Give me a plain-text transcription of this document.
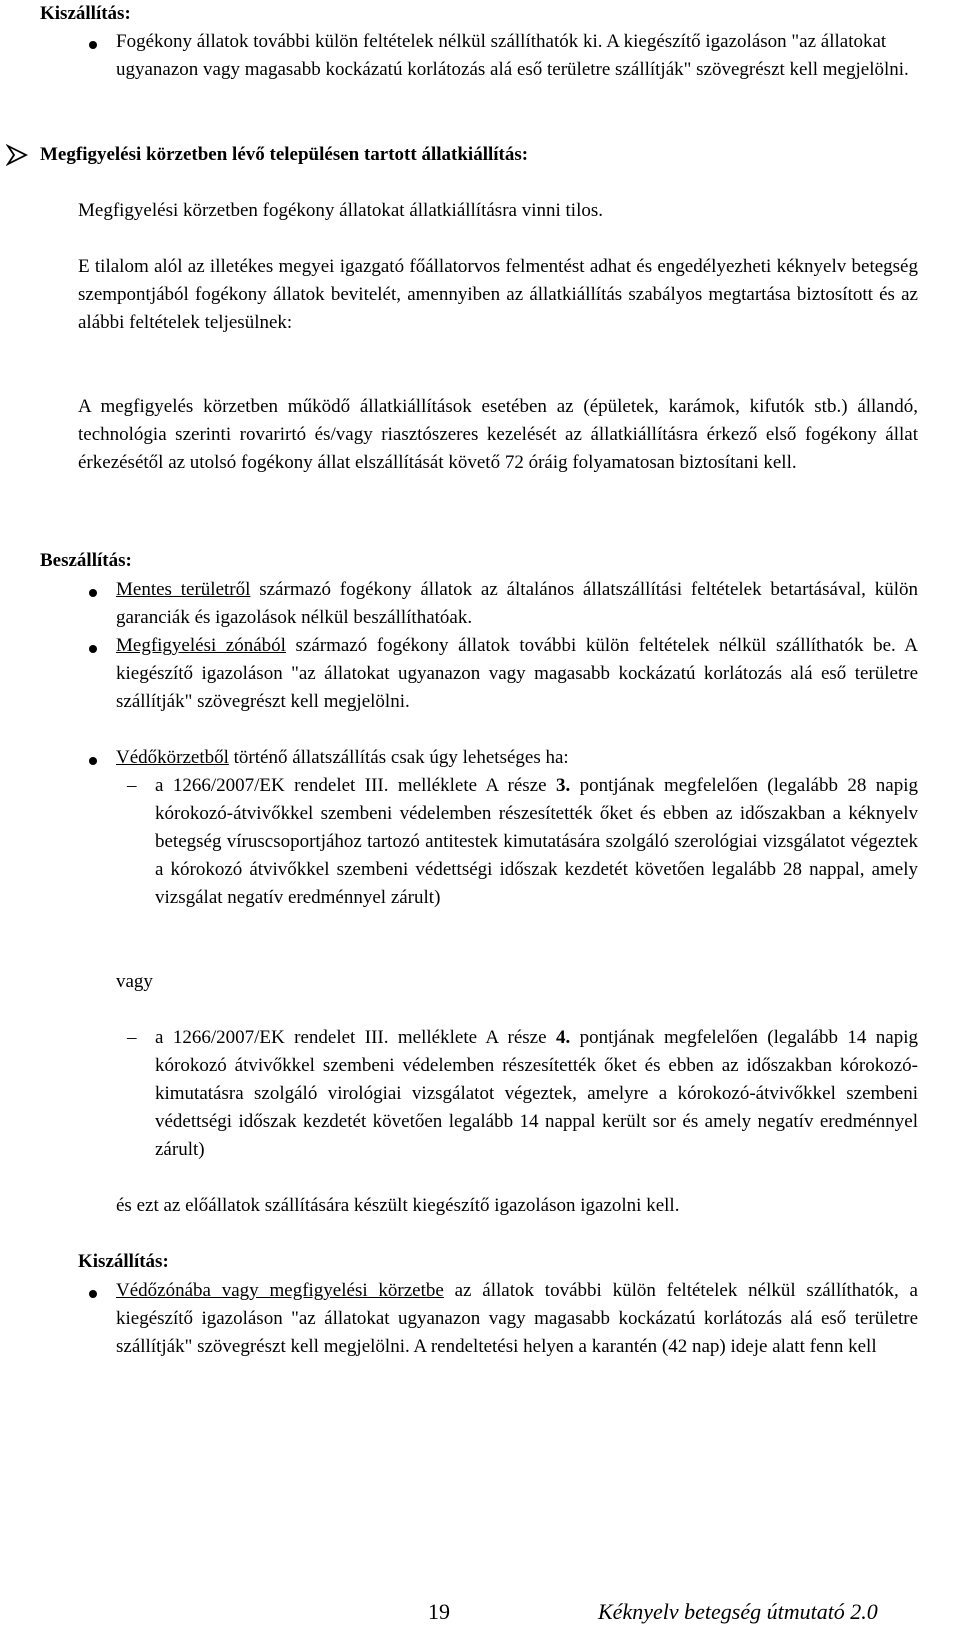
Kiszállítás:

Fogékony állatok további külön feltételek nélkül szállíthatók ki. A kiegészítő igazoláson "az állatokat ugyanazon vagy magasabb kockázatú korlátozás alá eső területre szállítják" szövegrészt kell megjelölni.

Megfigyelési körzetben lévő településen tartott állatkiállítás:

Megfigyelési körzetben fogékony állatokat állatkiállításra vinni tilos.

E tilalom alól az illetékes megyei igazgató főállatorvos felmentést adhat és engedélyezheti kéknyelv betegség szempontjából fogékony állatok bevitelét, amennyiben az állatkiállítás szabályos megtartása biztosított és az alábbi feltételek teljesülnek:

A megfigyelés körzetben működő állatkiállítások esetében az (épületek, karámok, kifutók stb.) állandó, technológia szerinti rovarirtó és/vagy riasztószeres kezelését az állatkiállításra érkező első fogékony állat érkezésétől az utolsó fogékony állat elszállítását követő 72 óráig folyamatosan biztosítani kell.

Beszállítás:

Mentes területről származó fogékony állatok az általános állatszállítási feltételek betartásával, külön garanciák és igazolások nélkül beszállíthatóak.

Megfigyelési zónából származó fogékony állatok további külön feltételek nélkül szállíthatók be. A kiegészítő igazoláson "az állatokat ugyanazon vagy magasabb kockázatú korlátozás alá eső területre szállítják" szövegrészt kell megjelölni.

Védőkörzetből történő állatszállítás csak úgy lehetséges ha:

– a 1266/2007/EK rendelet III. melléklete A része 3. pontjának megfelelően (legalább 28 napig kórokozó-átvivőkkel szembeni védelemben részesítették őket és ebben az időszakban a kéknyelv betegség víruscsoportjához tartozó antitestek kimutatására szolgáló szerológiai vizsgálatot végeztek a kórokozó átvivőkkel szembeni védettségi időszak kezdetét követően legalább 28 nappal, amely vizsgálat negatív eredménnyel zárult)

vagy

– a 1266/2007/EK rendelet III. melléklete A része 4. pontjának megfelelően (legalább 14 napig kórokozó átvivőkkel szembeni védelemben részesítették őket és ebben az időszakban kórokozó-kimutatásra szolgáló virológiai vizsgálatot végeztek, amelyre a kórokozó-átvivőkkel szembeni védettségi időszak kezdetét követően legalább 14 nappal került sor és amely negatív eredménnyel zárult)

és ezt az előállatok szállítására készült kiegészítő igazoláson igazolni kell.

Kiszállítás:

Védőzónába vagy megfigyelési körzetbe az állatok további külön feltételek nélkül szállíthatók, a kiegészítő igazoláson "az állatokat ugyanazon vagy magasabb kockázatú korlátozás alá eső területre szállítják" szövegrészt kell megjelölni. A rendeltetési helyen a karantén (42 nap) ideje alatt fenn kell

19	Kéknyelv betegség útmutató 2.0
